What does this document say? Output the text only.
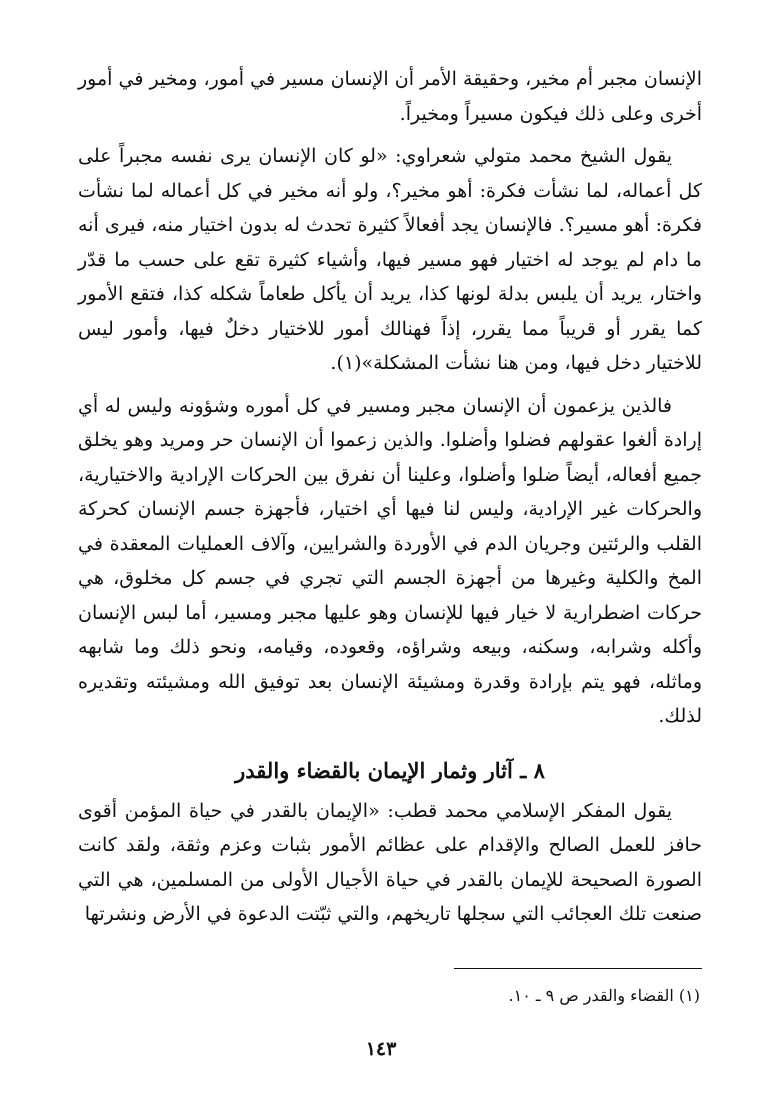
الإنسان مجبر أم مخير، وحقيقة الأمر أن الإنسان مسير في أمور، ومخير في أمور أخرى وعلى ذلك فيكون مسيراً ومخيراً.

يقول الشيخ محمد متولي شعراوي: «لو كان الإنسان يرى نفسه مجبراً على كل أعماله، لما نشأت فكرة: أهو مخير؟، ولو أنه مخير في كل أعماله لما نشأت فكرة: أهو مسير؟. فالإنسان يجد أفعالاً كثيرة تحدث له بدون اختيار منه، فيرى أنه ما دام لم يوجد له اختيار فهو مسير فيها، وأشياء كثيرة تقع على حسب ما قدّر واختار، يريد أن يلبس بدلة لونها كذا، يريد أن يأكل طعاماً شكله كذا، فتقع الأمور كما يقرر أو قريباً مما يقرر، إذاً فهنالك أمور للاختيار دخلٌ فيها، وأمور ليس للاختيار دخل فيها، ومن هنا نشأت المشكلة»(١).

فالذين يزعمون أن الإنسان مجبر ومسير في كل أموره وشؤونه وليس له أي إرادة ألغوا عقولهم فضلوا وأضلوا. والذين زعموا أن الإنسان حر ومريد وهو يخلق جميع أفعاله، أيضاً ضلوا وأضلوا، وعلينا أن نفرق بين الحركات الإرادية والاختيارية، والحركات غير الإرادية، وليس لنا فيها أي اختيار، فأجهزة جسم الإنسان كحركة القلب والرئتين وجريان الدم في الأوردة والشرايين، وآلاف العمليات المعقدة في المخ والكلية وغيرها من أجهزة الجسم التي تجري في جسم كل مخلوق، هي حركات اضطرارية لا خيار فيها للإنسان وهو عليها مجبر ومسير، أما لبس الإنسان وأكله وشرابه، وسكنه، وبيعه وشراؤه، وقعوده، وقيامه، ونحو ذلك وما شابهه وماثله، فهو يتم بإرادة وقدرة ومشيئة الإنسان بعد توفيق الله ومشيئته وتقديره لذلك.

٨ ـ آثار وثمار الإيمان بالقضاء والقدر

يقول المفكر الإسلامي محمد قطب: «الإيمان بالقدر في حياة المؤمن أقوى حافز للعمل الصالح والإقدام على عظائم الأمور بثبات وعزم وثقة، ولقد كانت الصورة الصحيحة للإيمان بالقدر في حياة الأجيال الأولى من المسلمين، هي التي صنعت تلك العجائب التي سجلها تاريخهم، والتي ثبّتت الدعوة في الأرض ونشرتها

(١) القضاء والقدر ص ٩ ـ ١٠.
١٤٣
